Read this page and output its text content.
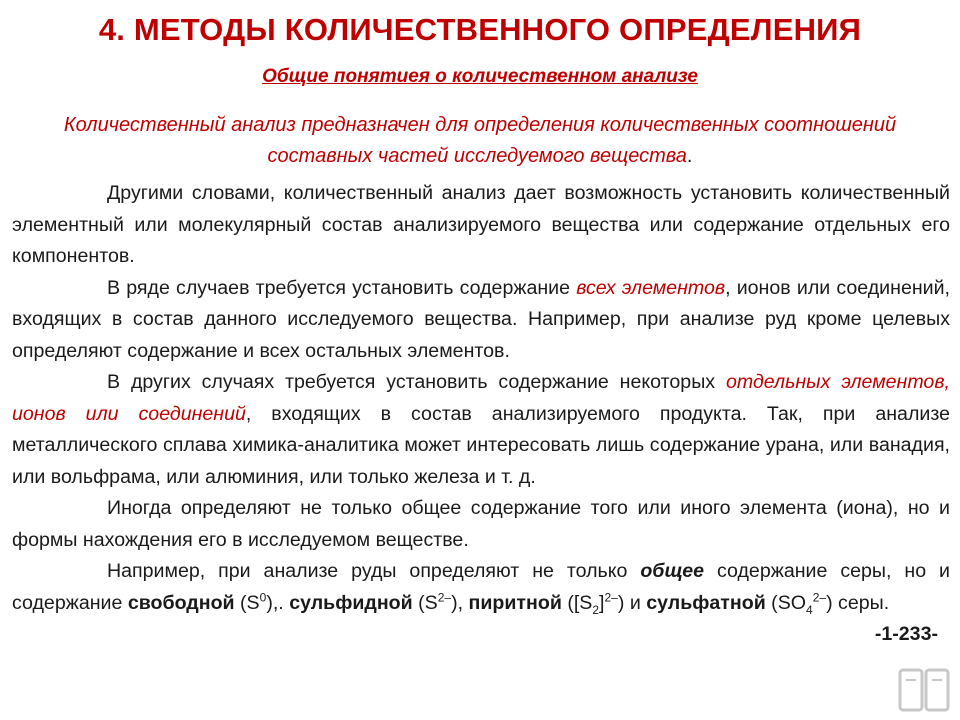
4. МЕТОДЫ КОЛИЧЕСТВЕННОГО ОПРЕДЕЛЕНИЯ
Общие понятиея о количественном анализе

Количественный анализ предназначен для определения количественных соотношений составных частей исследуемого вещества.

Другими словами, количественный анализ дает возможность установить количественный элементный или молекулярный состав анализируемого вещества или содержание отдельных его компонентов.

В ряде случаев требуется установить содержание всех элементов, ионов или соединений, входящих в состав данного исследуемого вещества. Например, при анализе руд кроме целевых определяют содержание и всех остальных элементов.

В других случаях требуется установить содержание некоторых отдельных элементов, ионов или соединений, входящих в состав анализируемого продукта. Так, при анализе металлического сплава химика-аналитика может интересовать лишь содержание урана, или ванадия, или вольфрама, или алюминия, или только железа и т. д.

Иногда определяют не только общее содержание того или иного элемента (иона), но и формы нахождения его в исследуемом веществе.

Например, при анализе руды определяют не только общее содержание серы, но и содержание свободной $(S^0)$,. сульфидной $(S^{2-})$, пиритной $([S_2]^{2-})$ и сульфатной $(SO_4^{2-})$ серы.
-1-233-
